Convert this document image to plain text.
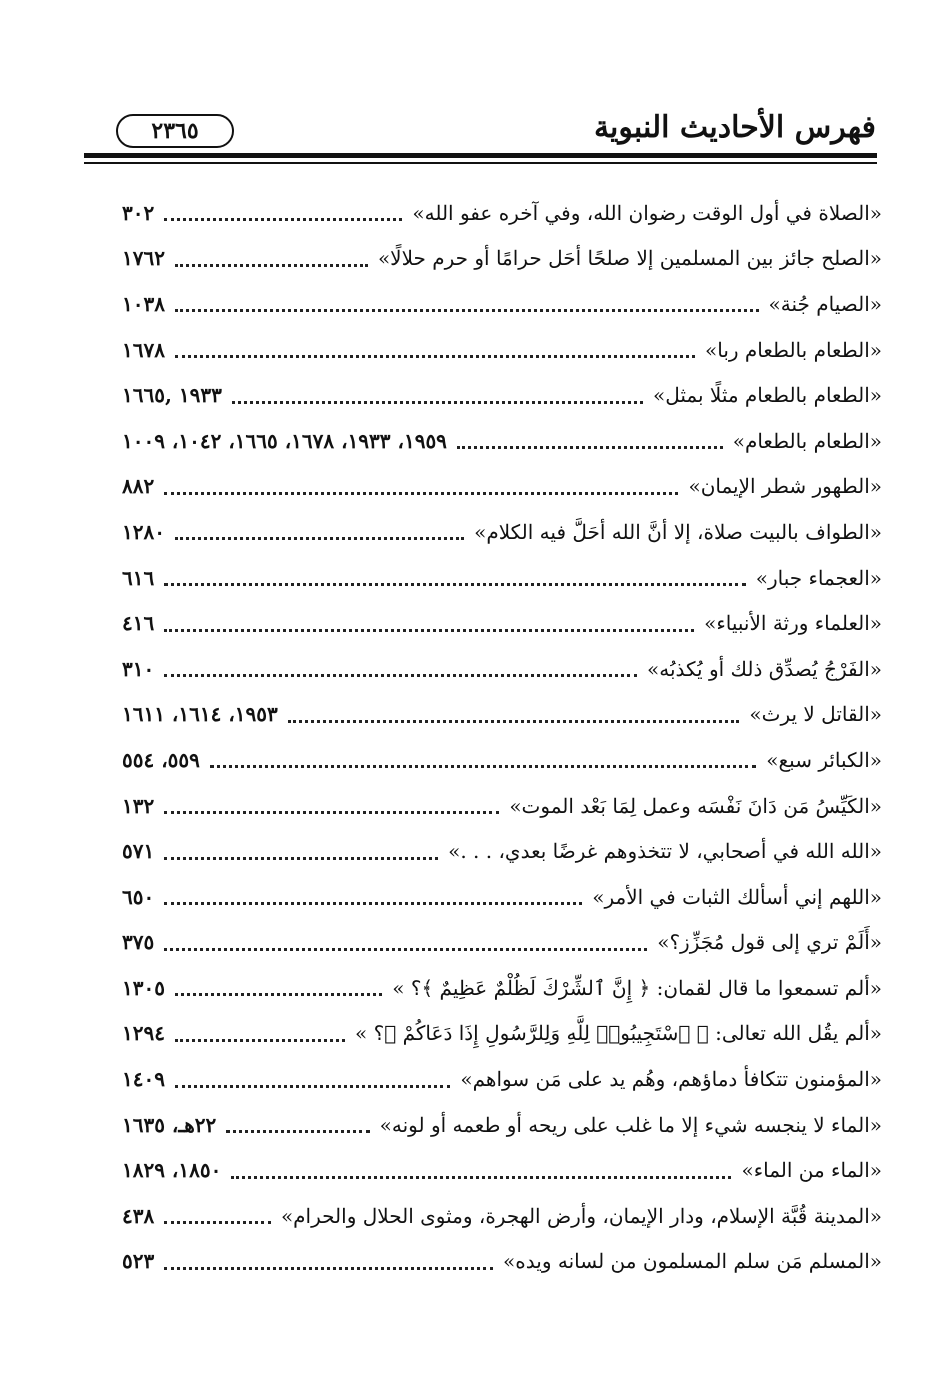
فهرس الأحاديث النبوية
٢٣٦٥
«الصلاة في أول الوقت رضوان الله، وفي آخره عفو الله»
٣٠٢
«الصلح جائز بين المسلمين إلا صلحًا أحَل حرامًا أو حرم حلالًا»
١٧٦٢
«الصيام جُنة»
١٠٣٨
«الطعام بالطعام ربا»
١٦٧٨
«الطعام بالطعام مثلًا بمثل»
١٩٣٣ ,١٦٦٥
«الطعام بالطعام»
١٩٥٩، ١٩٣٣، ١٦٧٨، ١٦٦٥، ١٠٤٢، ١٠٠٩
«الطهور شطر الإيمان»
٨٨٢
«الطواف بالبيت صلاة، إلا أنَّ الله أحَلَّ فيه الكلام»
١٢٨٠
«العجماء جبار»
٦١٦
«العلماء ورثة الأنبياء»
٤١٦
«الفَرْجُ يُصدِّق ذلك أو يُكذبُه»
٣١٠
«القاتل لا يرث»
١٩٥٣، ١٦١٤، ١٦١١
«الكبائر سبع»
٥٥٩، ٥٥٤
«الكَيِّسُ مَن دَانَ نَفْسَه وعمل لِمَا بَعْد الموت»
١٣٢
«الله الله في أصحابي، لا تتخذوهم غرضًا بعدي، . . .»
٥٧١
«اللهم إني أسألك الثبات في الأمر»
٦٥٠
«أَلَمْ تري إلى قول مُجَزِّز؟»
٣٧٥
«ألم تسمعوا ما قال لقمان: ﴿ إِنَّ ٱلشِّرْكَ لَظُلْمٌ عَظِيمٌ ﴾؟ »
١٣٠٥
«ألم يقُل الله تعالى: ﴿ ٱسْتَجِيبُوا۟ لِلَّهِ وَلِلرَّسُولِ إِذَا دَعَاكُمْ ﴾؟ »
١٢٩٤
«المؤمنون تتكافأ دماؤهم، وهُم يد على مَن سواهم»
١٤٠٩
«الماء لا ينجسه شيء إلا ما غلب على ريحه أو طعمه أو لونه»
٢٢هـ، ١٦٣٥
«الماء من الماء»
١٨٥٠، ١٨٢٩
«المدينة قُبَّة الإسلام، ودار الإيمان، وأرض الهجرة، ومثوى الحلال والحرام»
٤٣٨
«المسلم مَن سلم المسلمون من لسانه ويده»
٥٢٣
